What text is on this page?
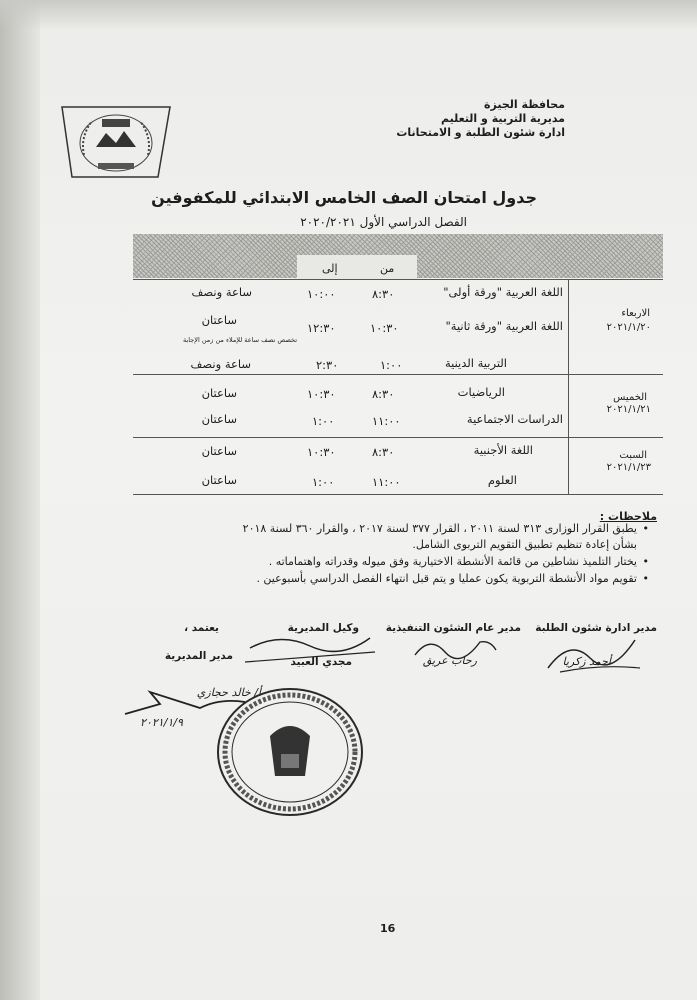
محافظة الجيزة
مديرية التربية و التعليم
ادارة شئون الطلبة و الامتحانات
جدول امتحان الصف الخامس الابتدائي للمكفوفين
الفصل الدراسي الأول ٢٠٢٠/٢٠٢١
من
إلى
الاربعاء
٢٠٢١/١/٢٠
الخميس
٢٠٢١/١/٢١
السبت
٢٠٢١/١/٢٣
اللغة العربية "ورقة أولى"
٨:٣٠
١٠:٠٠
ساعة ونصف
اللغة العربية "ورقة ثانية"
١٠:٣٠
١٢:٣٠
ساعتان
تخصص نصف ساعة للإملاء من زمن الإجابة
التربية الدينية
١:٠٠
٢:٣٠
ساعة ونصف
الرياضيات
٨:٣٠
١٠:٣٠
ساعتان
الدراسات الاجتماعية
١١:٠٠
١:٠٠
ساعتان
اللغة الأجنبية
٨:٣٠
١٠:٣٠
ساعتان
العلوم
١١:٠٠
١:٠٠
ساعتان
ملاحظات :
•
يطبق القرار الوزارى ٣١٣ لسنة ٢٠١١ ، القرار ٣٧٧ لسنة ٢٠١٧ ، والقرار ٣٦٠ لسنة ٢٠١٨
بشأن إعادة تنظيم تطبيق التقويم التربوى الشامل.
•
يختار التلميذ نشاطين من قائمة الأنشطة الاختيارية وفق ميوله وقدراته واهتماماته .
•
تقويم مواد الأنشطة التربوية يكون عمليا و يتم قبل انتهاء الفصل الدراسي بأسبوعين .
مدير ادارة شئون الطلبة
أحمد زكريا
مدير عام الشئون التنفيذية
رحاب عريق
وكيل المديرية
مجدي العبيد
يعتمد ،
مدير المديرية
أ/ خالد حجازي
٢٠٢١/١/٩
16
